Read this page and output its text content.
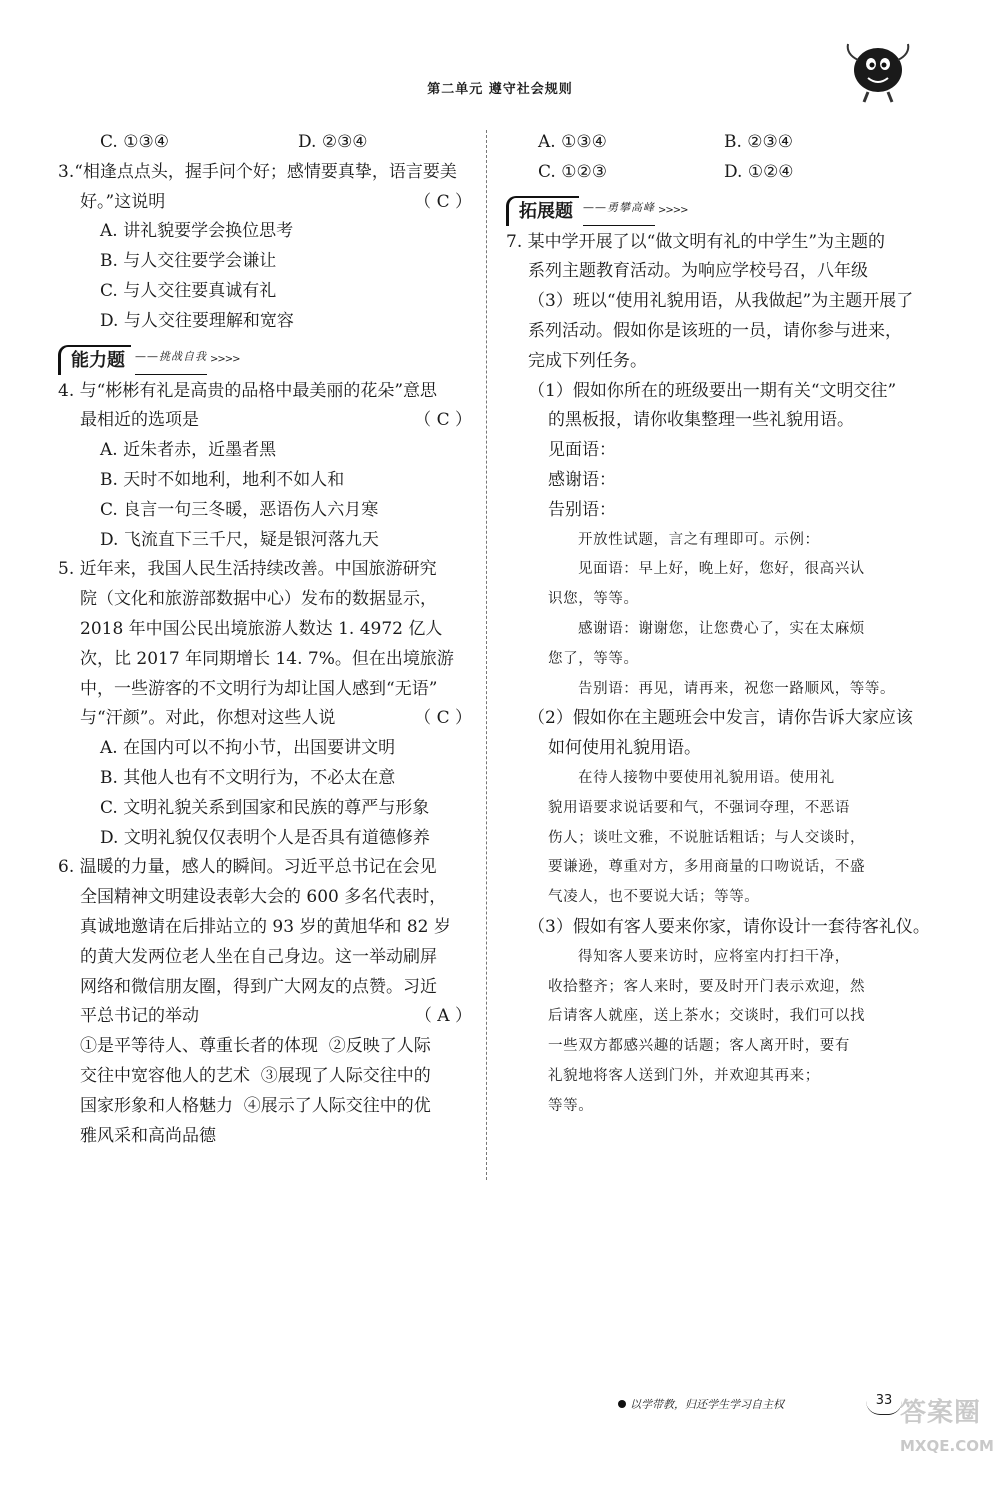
第二单元 遵守社会规则
C. ①③④	D. ②③④
3.“相逢点点头，握手问个好；感情要真挚，语言要美
好。”这说明	（ C ）
A. 讲礼貌要学会换位思考
B. 与人交往要学会谦让
C. 与人交往要真诚有礼
D. 与人交往要理解和宽容
能力题 ——挑战自我 >>>>
4. 与“彬彬有礼是高贵的品格中最美丽的花朵”意思
最相近的选项是	（ C ）
A. 近朱者赤，近墨者黑
B. 天时不如地利，地利不如人和
C. 良言一句三冬暖，恶语伤人六月寒
D. 飞流直下三千尺，疑是银河落九天
5. 近年来，我国人民生活持续改善。中国旅游研究
院（文化和旅游部数据中心）发布的数据显示，
2018 年中国公民出境旅游人数达 1. 4972 亿人
次，比 2017 年同期增长 14. 7%。但在出境旅游
中，一些游客的不文明行为却让国人感到“无语”
与“汗颜”。对此，你想对这些人说	（ C ）
A. 在国内可以不拘小节，出国要讲文明
B. 其他人也有不文明行为，不必太在意
C. 文明礼貌关系到国家和民族的尊严与形象
D. 文明礼貌仅仅表明个人是否具有道德修养
6. 温暖的力量，感人的瞬间。习近平总书记在会见
全国精神文明建设表彰大会的 600 多名代表时，
真诚地邀请在后排站立的 93 岁的黄旭华和 82 岁
的黄大发两位老人坐在自己身边。这一举动刷屏
网络和微信朋友圈，得到广大网友的点赞。习近
平总书记的举动	（ A ）
①是平等待人、尊重长者的体现  ②反映了人际
交往中宽容他人的艺术  ③展现了人际交往中的
国家形象和人格魅力  ④展示了人际交往中的优
雅风采和高尚品德
A. ①③④	B. ②③④
C. ①②③	D. ①②④
拓展题 ——勇攀高峰 >>>>
7. 某中学开展了以“做文明有礼的中学生”为主题的
系列主题教育活动。为响应学校号召，八年级
（3）班以“使用礼貌用语，从我做起”为主题开展了
系列活动。假如你是该班的一员，请你参与进来，
完成下列任务。
（1）假如你所在的班级要出一期有关“文明交往”
的黑板报，请你收集整理一些礼貌用语。
见面语：
感谢语：
告别语：
开放性试题，言之有理即可。示例：
见面语：早上好，晚上好，您好，很高兴认
识您，等等。
感谢语：谢谢您，让您费心了，实在太麻烦
您了，等等。
告别语：再见，请再来，祝您一路顺风，等等。
（2）假如你在主题班会中发言，请你告诉大家应该
如何使用礼貌用语。
在待人接物中要使用礼貌用语。使用礼
貌用语要求说话要和气，不强词夺理，不恶语
伤人；谈吐文雅，不说脏话粗话；与人交谈时，
要谦逊，尊重对方，多用商量的口吻说话，不盛
气凌人，也不要说大话；等等。
（3）假如有客人要来你家，请你设计一套待客礼仪。
得知客人要来访时，应将室内打扫干净，
收拾整齐；客人来时，要及时开门表示欢迎，然
后请客人就座，送上茶水；交谈时，我们可以找
一些双方都感兴趣的话题；客人离开时，要有
礼貌地将客人送到门外，并欢迎其再来；
等等。
以学带教，归还学生学习自主权	33 答案圈
MXQE.COM
